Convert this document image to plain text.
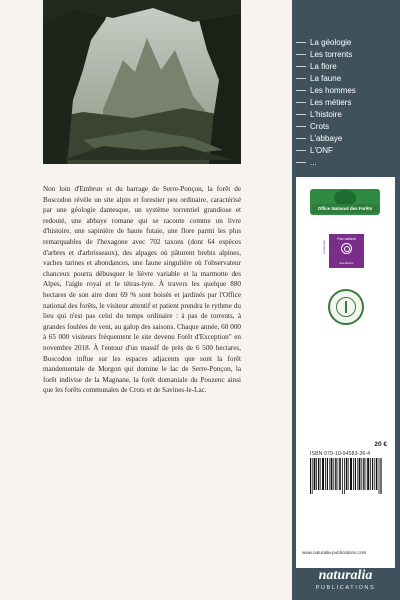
Non loin d'Embrun et du barrage de Serre-Ponçon, la forêt de Boscodon révèle un site alpin et forestier peu ordinaire, caractérisé par une géologie dantesque, un système torrentiel grandiose et redouté, une abbaye romane qui se raconte comme un livre d'histoire, une sapinière de haute futaie, une flore parmi les plus remarquables de l'hexagone avec 702 taxons (dont 64 espèces d'arbres et d'arbrisseaux), des alpages où pâturent brebis alpines, vaches tarines et abondances, une faune singulière où l'observateur chanceux pourra débusquer le lièvre variable et la marmotte des Alpes, l'aigle royal et le tétras-lyre. À travers les quelque 880 hectares de son aire dont 69 % sont boisés et jardinés par l'Office national des forêts, le visiteur attentif et patient prendra le rythme du lieu qui n'est pas celui du temps ordinaire : à pas de torrents, à grandes foulées de vent, au galop des saisons. Chaque année, 60 000 à 65 000 visiteurs fréquentent le site devenu Forêt d'Exception" en novembre 2018. À l'entour d'un massif de près de 6 500 hectares, Boscodon influe sur les espaces adjacents que sont la forêt mandementale de Morgon qui domine le lac de Serre-Ponçon, la forêt indivise de la Magnane, la forêt domaniale du Pouzenc ainsi que les forêts communales de Crots et de Savines-le-Lac.
La géologie
Les torrents
La flore
La faune
Les hommes
Les métiers
L'histoire
Crots
L'abbaye
L'ONF
...
Office National des Forêts
partenaire
Parc national
des Écrins
20 €
ISBN 979-10-94583-36-4
www.naturalia-publications.com
naturalia
PUBLICATIONS
